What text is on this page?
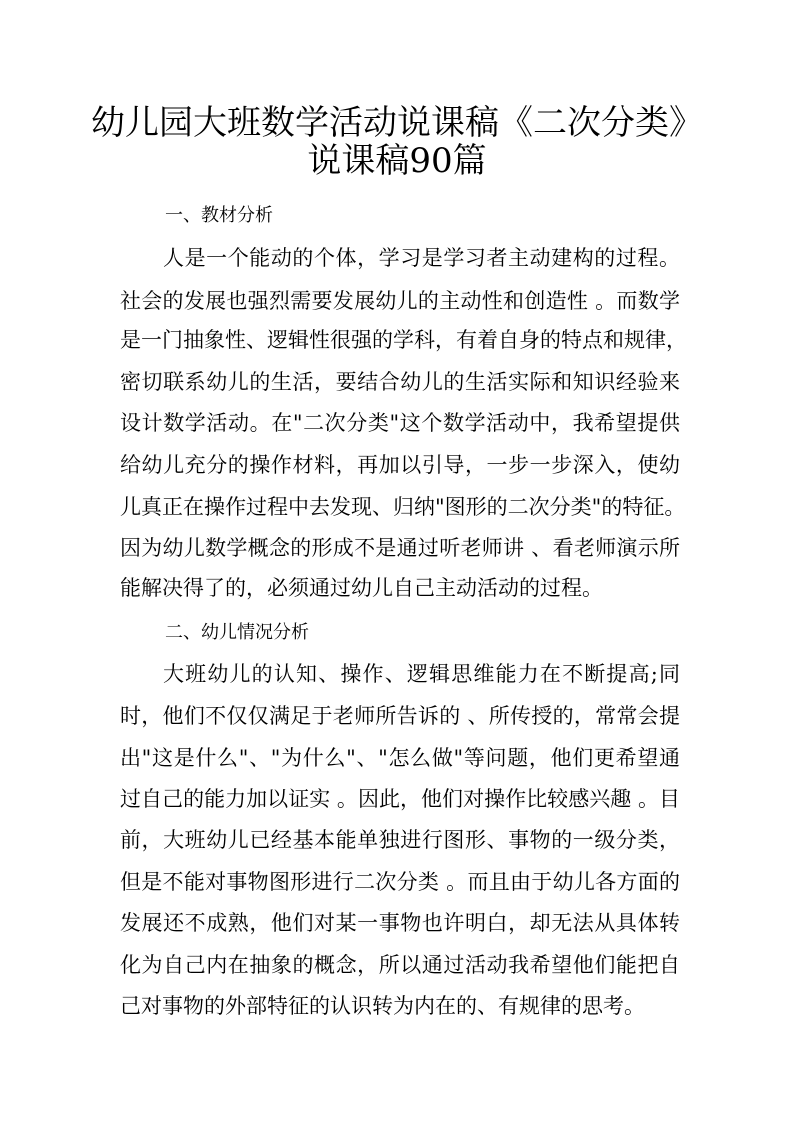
幼儿园大班数学活动说课稿《二次分类》
说课稿90篇

一、教材分析

人是一个能动的个体，学习是学习者主动建构的过程。

社会的发展也强烈需要发展幼儿的主动性和创造性 。而数学

是一门抽象性、逻辑性很强的学科，有着自身的特点和规律，

密切联系幼儿的生活，要结合幼儿的生活实际和知识经验来

设计数学活动。在"二次分类"这个数学活动中，我希望提供

给幼儿充分的操作材料，再加以引导，一步一步深入，使幼

儿真正在操作过程中去发现、归纳"图形的二次分类"的特征。

因为幼儿数学概念的形成不是通过听老师讲 、看老师演示所

能解决得了的，必须通过幼儿自己主动活动的过程。

二、幼儿情况分析

大班幼儿的认知、操作、逻辑思维能力在不断提高;同

时，他们不仅仅满足于老师所告诉的 、所传授的，常常会提

出"这是什么"、"为什么"、"怎么做"等问题，他们更希望通

过自己的能力加以证实 。因此，他们对操作比较感兴趣 。目

前，大班幼儿已经基本能单独进行图形、事物的一级分类，

但是不能对事物图形进行二次分类 。而且由于幼儿各方面的

发展还不成熟，他们对某一事物也许明白，却无法从具体转

化为自己内在抽象的概念，所以通过活动我希望他们能把自

己对事物的外部特征的认识转为内在的、有规律的思考。
